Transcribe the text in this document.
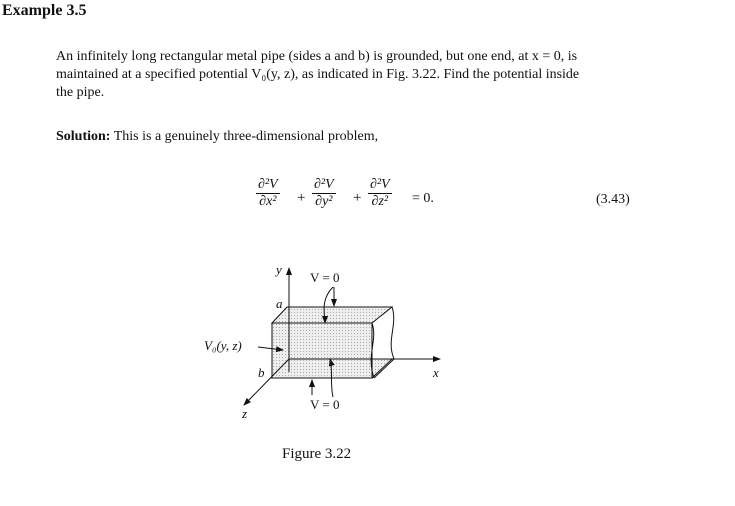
Example 3.5
An infinitely long rectangular metal pipe (sides a and b) is grounded, but one end, at x = 0, is
maintained at a specified potential V₀(y, z), as indicated in Fig. 3.22. Find the potential inside
the pipe.
Solution: This is a genuinely three-dimensional problem,
$\frac{\text{∂²V}}{\text{∂x²}} + \frac{\text{∂²V}}{\text{∂y²}} + \frac{\text{∂²V}}{\text{∂z²}} = 0$.	(3.43)
y
x
z
a
b
V = 0
V = 0
V₀(y, z)
Figure 3.22
